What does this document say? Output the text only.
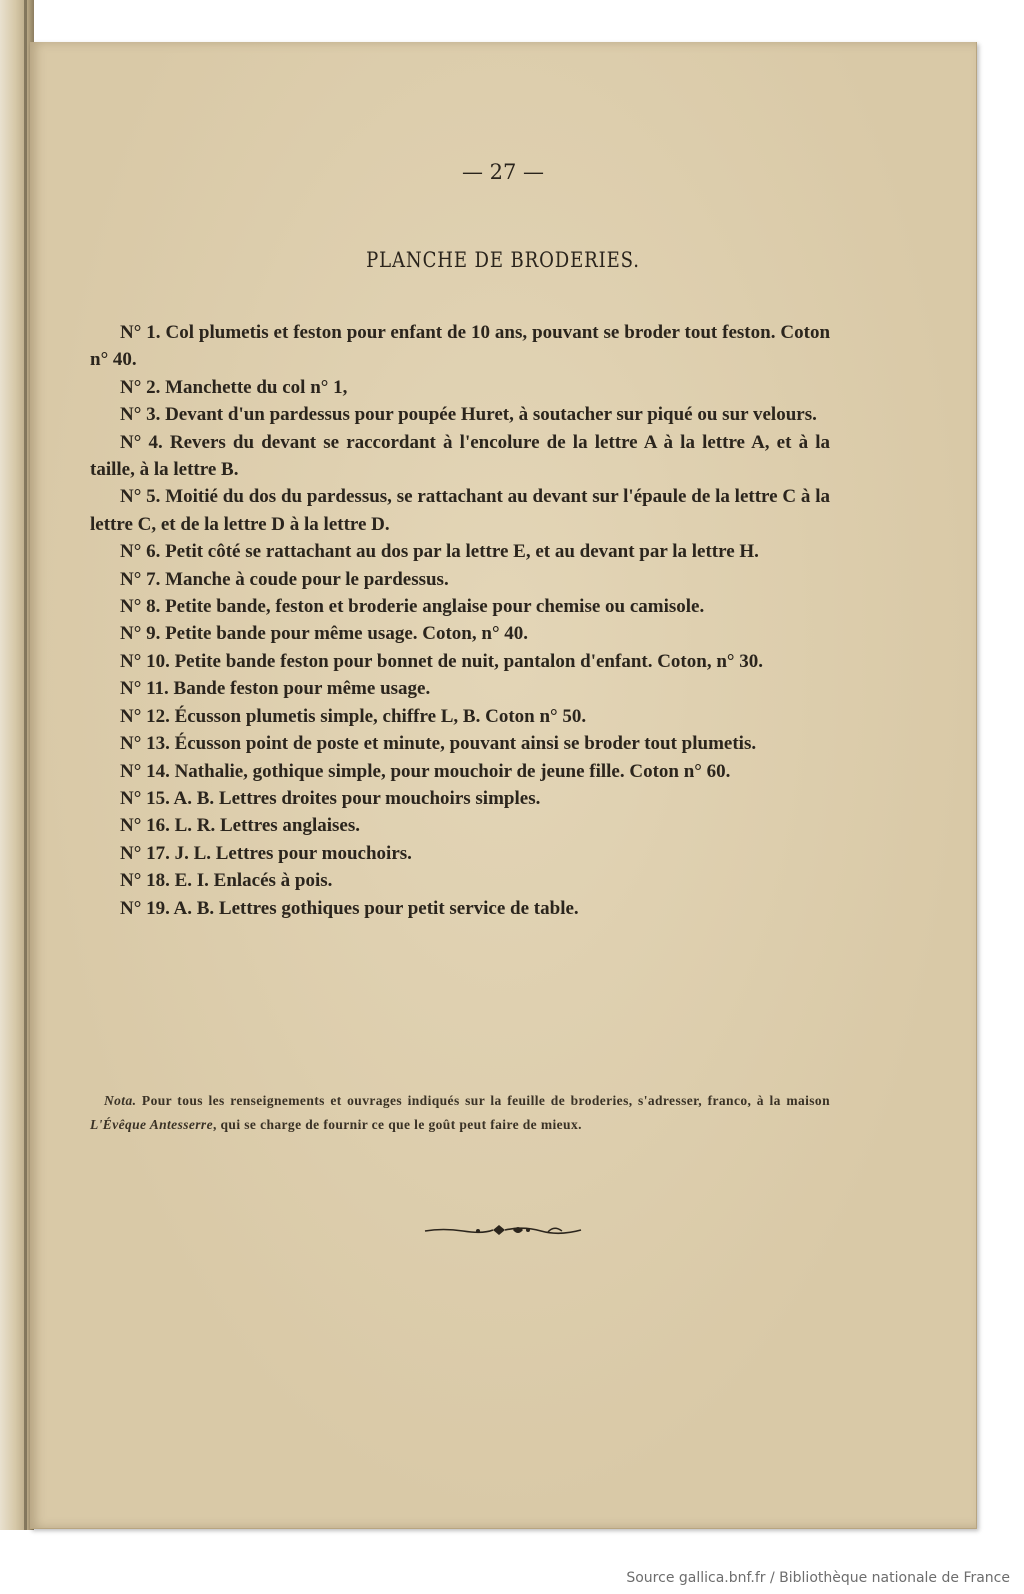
— 27 —
PLANCHE DE BRODERIES.

N° 1. Col plumetis et feston pour enfant de 10 ans, pouvant se broder tout feston. Coton n° 40.

N° 2. Manchette du col n° 1,

N° 3. Devant d'un pardessus pour poupée Huret, à soutacher sur piqué ou sur velours.

N° 4. Revers du devant se raccordant à l'encolure de la lettre A à la lettre A, et à la taille, à la lettre B.

N° 5. Moitié du dos du pardessus, se rattachant au devant sur l'épaule de la lettre C à la lettre C, et de la lettre D à la lettre D.

N° 6. Petit côté se rattachant au dos par la lettre E, et au devant par la lettre H.

N° 7. Manche à coude pour le pardessus.

N° 8. Petite bande, feston et broderie anglaise pour chemise ou camisole.

N° 9. Petite bande pour même usage. Coton, n° 40.

N° 10. Petite bande feston pour bonnet de nuit, pantalon d'enfant. Coton, n° 30.

N° 11. Bande feston pour même usage.

N° 12. Écusson plumetis simple, chiffre L, B. Coton n° 50.

N° 13. Écusson point de poste et minute, pouvant ainsi se broder tout plumetis.

N° 14. Nathalie, gothique simple, pour mouchoir de jeune fille. Coton n° 60.

N° 15. A. B. Lettres droites pour mouchoirs simples.

N° 16. L. R. Lettres anglaises.

N° 17. J. L. Lettres pour mouchoirs.

N° 18. E. I. Enlacés à pois.

N° 19. A. B. Lettres gothiques pour petit service de table.

Nota. Pour tous les renseignements et ouvrages indiqués sur la feuille de broderies, s'adresser, franco, à la maison L'Évêque Antesserre, qui se charge de fournir ce que le goût peut faire de mieux.
Source gallica.bnf.fr / Bibliothèque nationale de France
